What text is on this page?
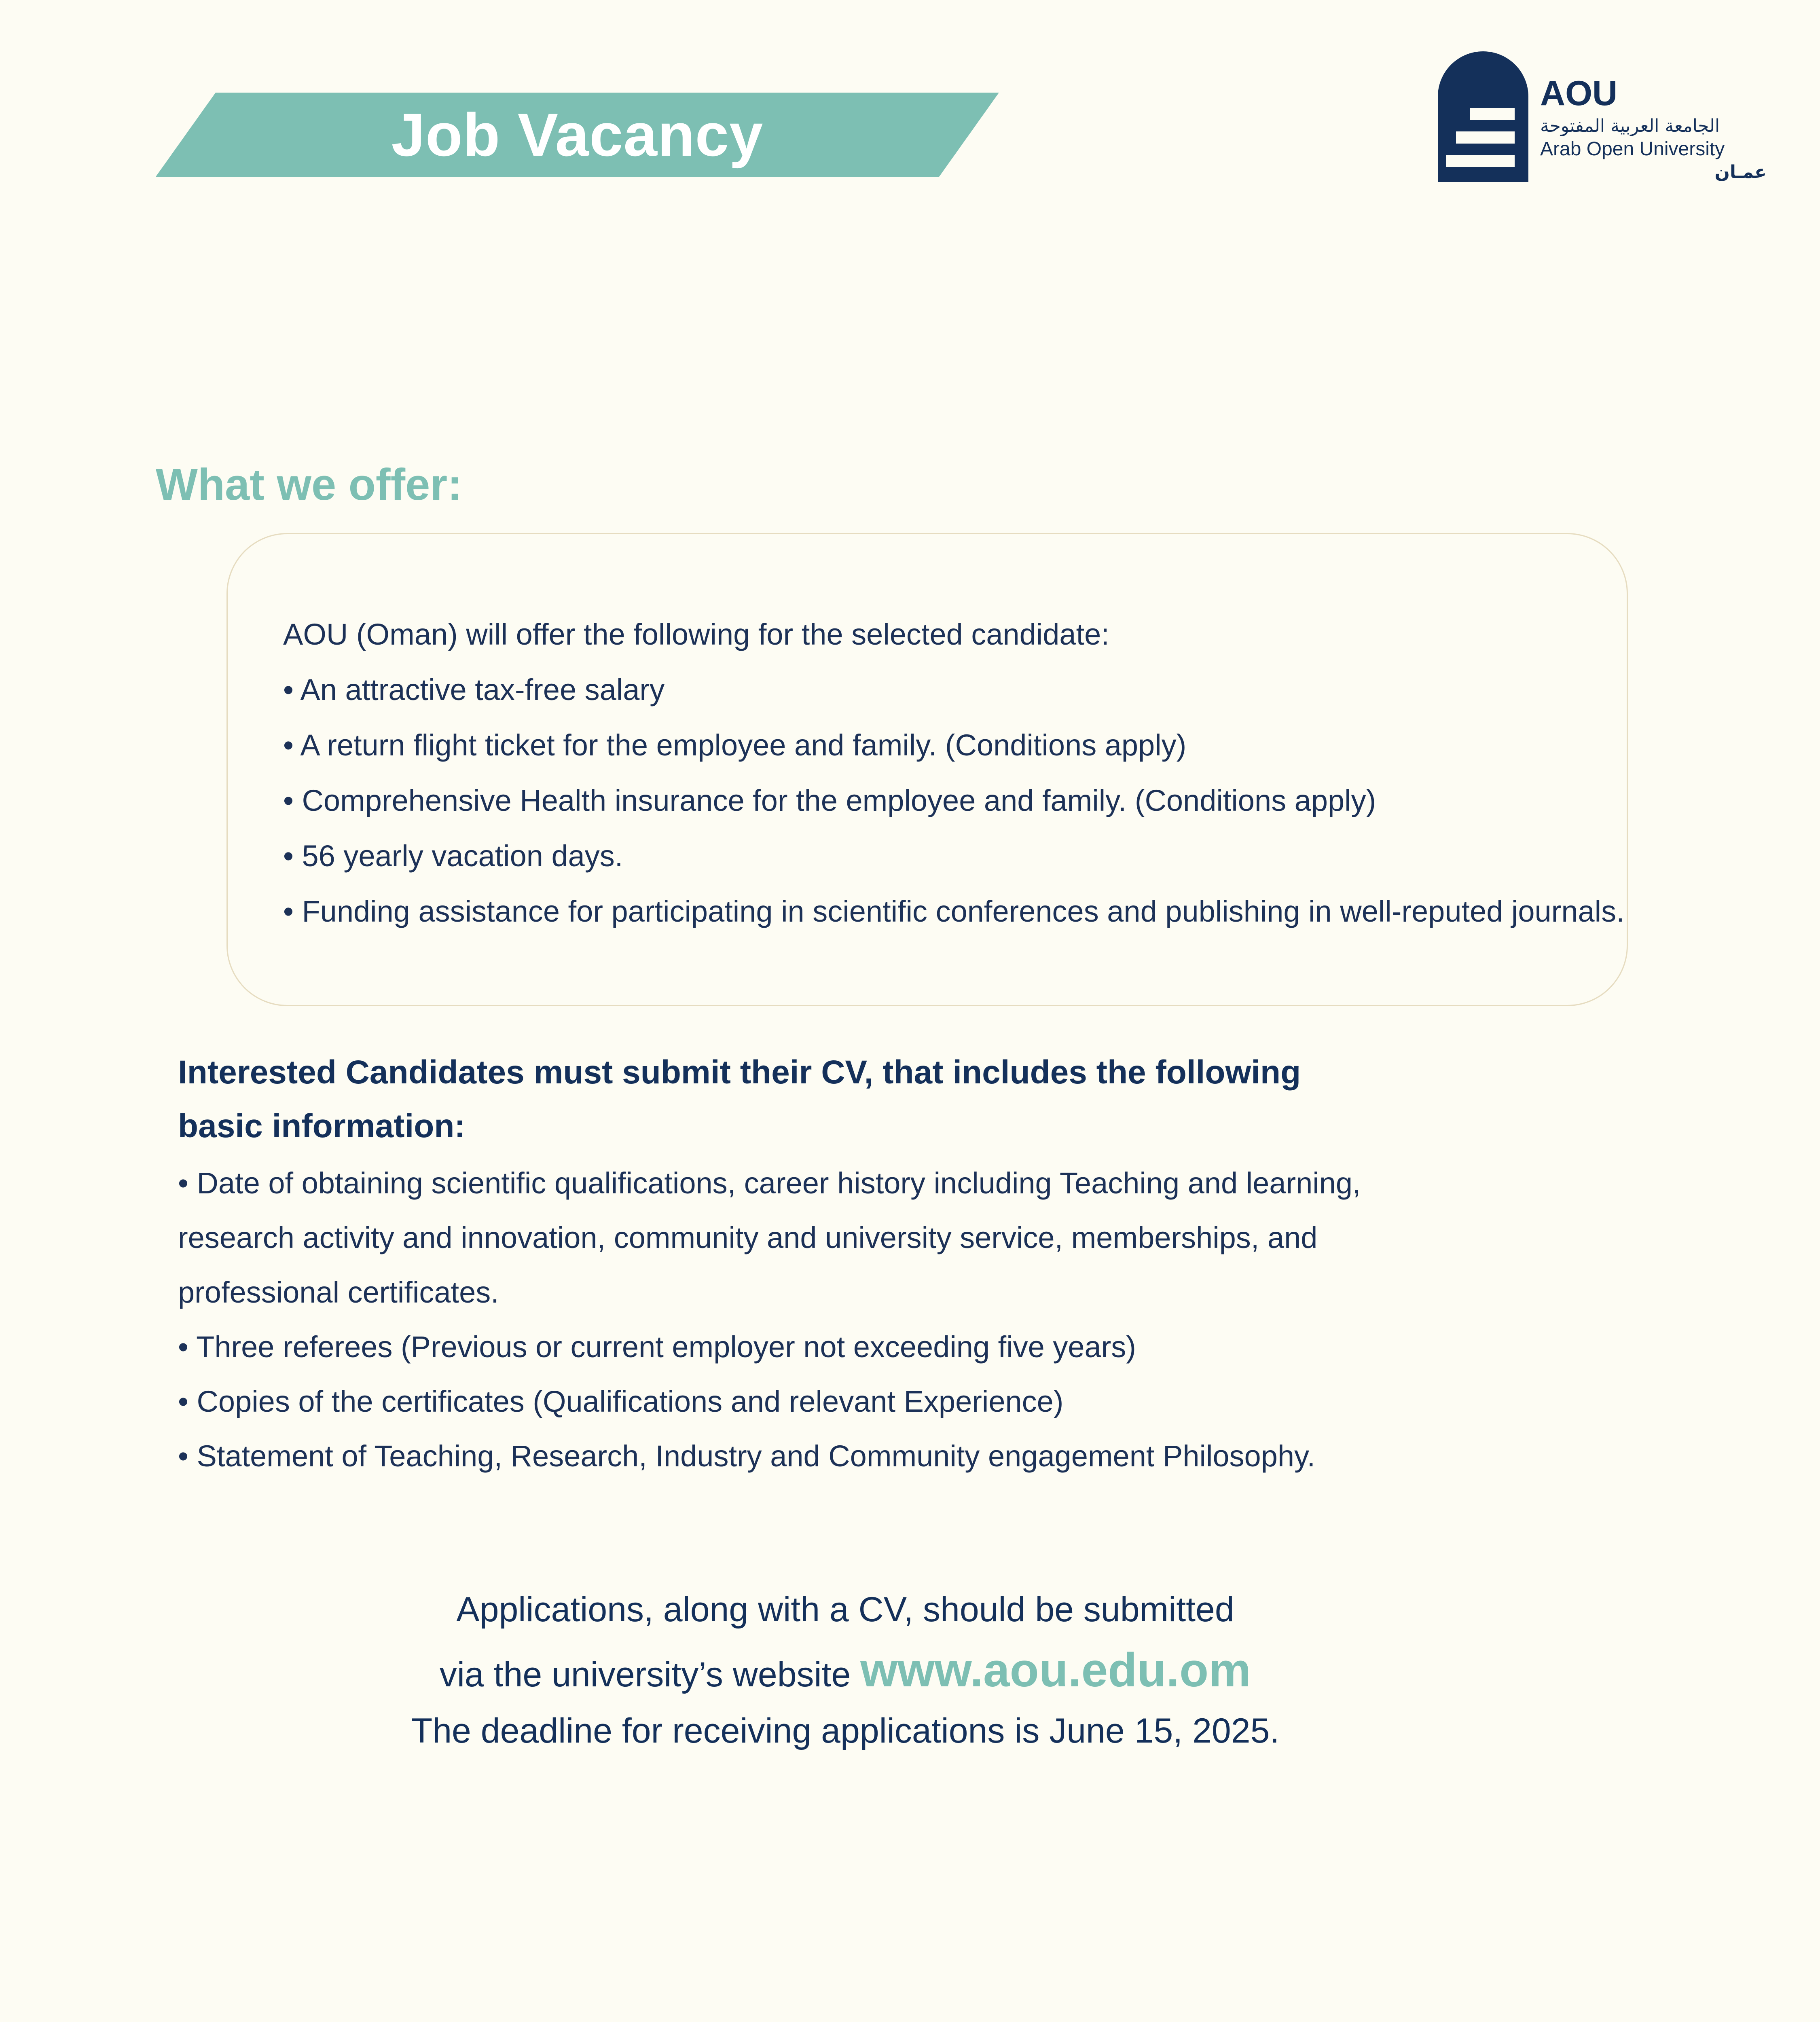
Job Vacancy
AOU
الجامعة العربية المفتوحة
Arab Open University
عمـان
What we offer:
AOU (Oman) will offer the following for the selected candidate:
• An attractive tax-free salary
• A return flight ticket for the employee and family. (Conditions apply)
• Comprehensive Health insurance for the employee and family. (Conditions apply)
• 56 yearly vacation days.
• Funding assistance for participating in scientific conferences and publishing in well-reputed journals.
Interested Candidates must submit their CV, that includes the following
basic information:
• Date of obtaining scientific qualifications, career history including Teaching and learning,
research activity and innovation, community and university service, memberships, and
professional certificates.
• Three referees (Previous or current employer not exceeding five years)
• Copies of the certificates (Qualifications and relevant Experience)
• Statement of Teaching, Research, Industry and Community engagement Philosophy.
Applications, along with a CV, should be submitted
via the university’s website www.aou.edu.om
The deadline for receiving applications is June 15, 2025.
